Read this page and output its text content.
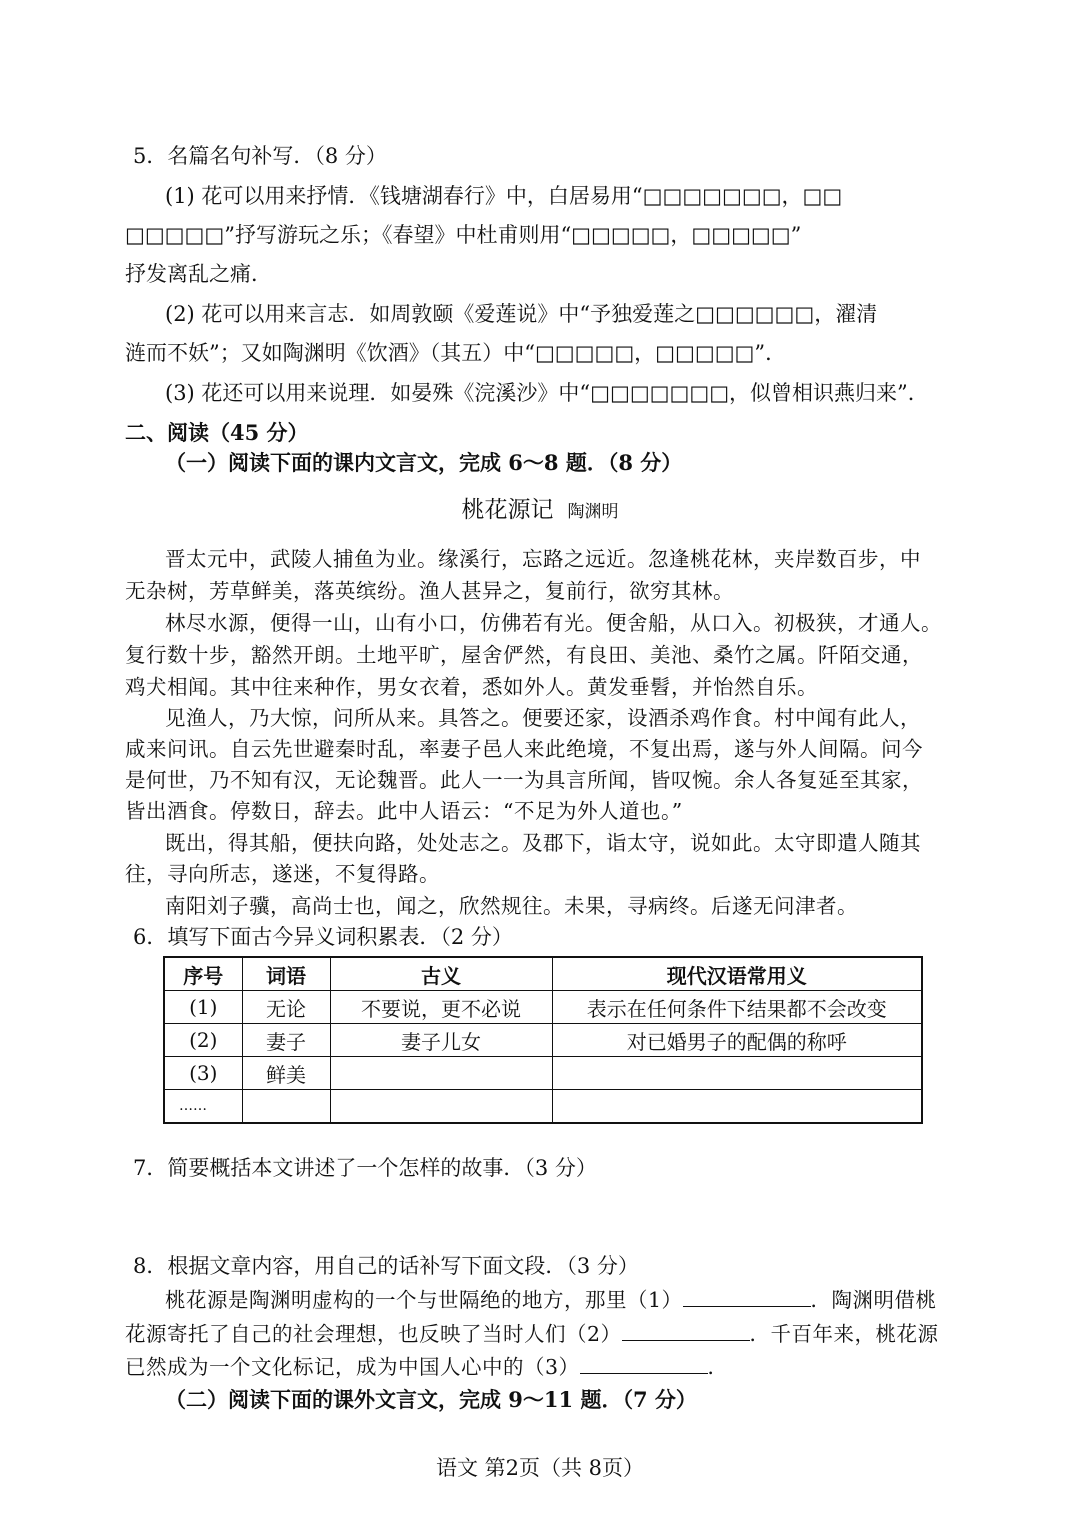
5．名篇名句补写．（8 分）
(1) 花可以用来抒情．《钱塘湖春行》中，白居易用“□□□□□□□，□□
□□□□□”抒写游玩之乐；《春望》中杜甫则用“□□□□□，□□□□□”
抒发离乱之痛．
(2) 花可以用来言志．如周敦颐《爱莲说》中“予独爱莲之□□□□□□，濯清
涟而不妖”；又如陶渊明《饮酒》（其五）中“□□□□□，□□□□□”．
(3) 花还可以用来说理．如晏殊《浣溪沙》中“□□□□□□□，似曾相识燕归来”．
二、阅读（45 分）
（一）阅读下面的课内文言文，完成 6～8 题．（8 分）
桃花源记 陶渊明
晋太元中，武陵人捕鱼为业。缘溪行，忘路之远近。忽逢桃花林，夹岸数百步，中
无杂树，芳草鲜美，落英缤纷。渔人甚异之，复前行，欲穷其林。
林尽水源，便得一山，山有小口，仿佛若有光。便舍船，从口入。初极狭，才通人。
复行数十步，豁然开朗。土地平旷，屋舍俨然，有良田、美池、桑竹之属。阡陌交通，
鸡犬相闻。其中往来种作，男女衣着，悉如外人。黄发垂髫，并怡然自乐。
见渔人，乃大惊，问所从来。具答之。便要还家，设酒杀鸡作食。村中闻有此人，
咸来问讯。自云先世避秦时乱，率妻子邑人来此绝境，不复出焉，遂与外人间隔。问今
是何世，乃不知有汉，无论魏晋。此人一一为具言所闻，皆叹惋。余人各复延至其家，
皆出酒食。停数日，辞去。此中人语云：“不足为外人道也。”
既出，得其船，便扶向路，处处志之。及郡下，诣太守，说如此。太守即遣人随其
往，寻向所志，遂迷，不复得路。
南阳刘子骥，高尚士也，闻之，欣然规往。未果，寻病终。后遂无问津者。
6．填写下面古今异义词积累表．（2 分）
序号	词语	古义	现代汉语常用义
(1)	无论	不要说，更不必说	表示在任何条件下结果都不会改变
(2)	妻子	妻子儿女	对已婚男子的配偶的称呼
(3)	鲜美		
……			
7．简要概括本文讲述了一个怎样的故事．（3 分）
8．根据文章内容，用自己的话补写下面文段．（3 分）
桃花源是陶渊明虚构的一个与世隔绝的地方，那里（1）	．陶渊明借桃
花源寄托了自己的社会理想，也反映了当时人们（2）	．千百年来，桃花源
已然成为一个文化标记，成为中国人心中的（3）	．
（二）阅读下面的课外文言文，完成 9～11 题．（7 分）
语文 第2页（共 8页）
